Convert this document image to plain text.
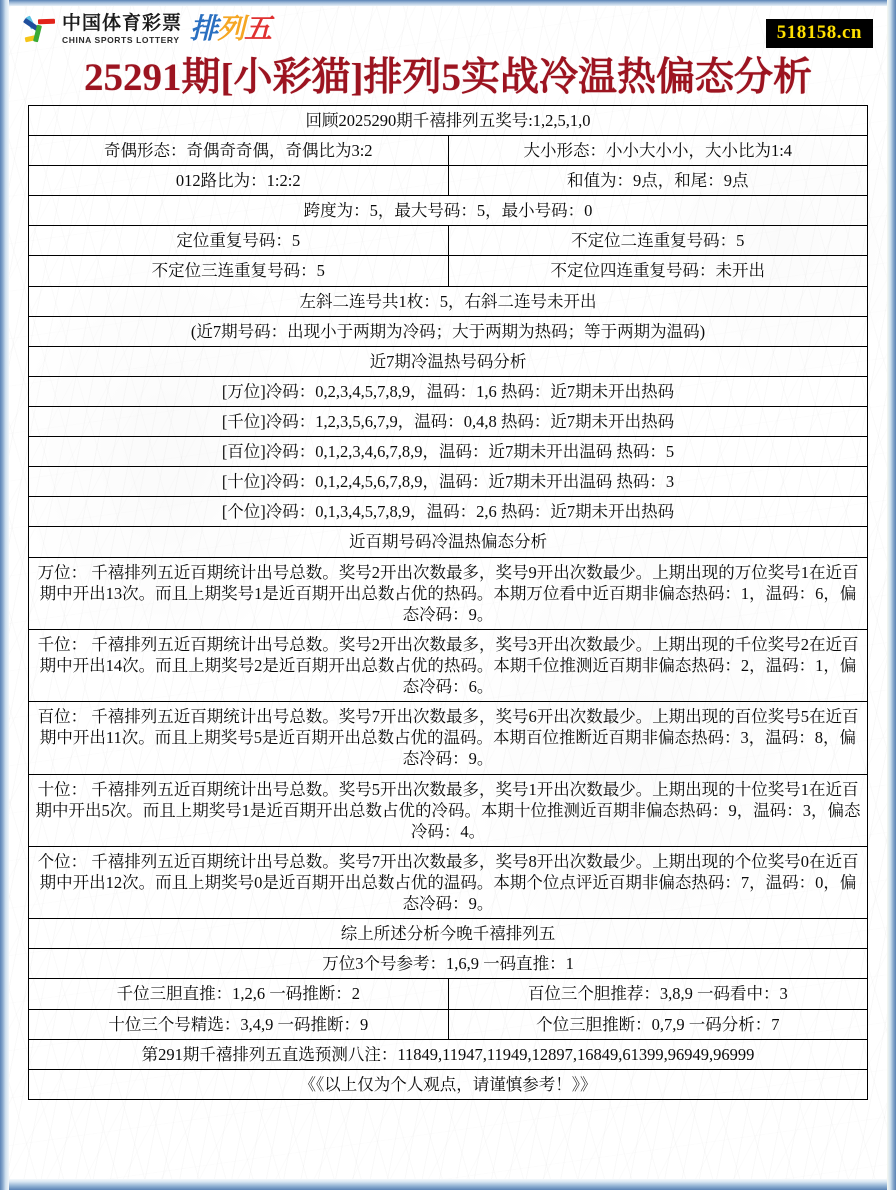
中国体育彩票
CHINA SPORTS LOTTERY 排 列 五	518158.cn
25291期[小彩猫]排列5实战冷温热偏态分析
回顾2025290期千禧排列五奖号:1,2,5,1,0	
奇偶形态：奇偶奇奇偶，奇偶比为3:2	大小形态：小小大小小，大小比为1:4
012路比为：1:2:2	和值为：9点，和尾：9点
跨度为：5，最大号码：5，最小号码：0	
定位重复号码：5	不定位二连重复号码：5
不定位三连重复号码：5	不定位四连重复号码：未开出
左斜二连号共1枚：5，右斜二连号未开出	
(近7期号码：出现小于两期为冷码；大于两期为热码；等于两期为温码)	
近7期冷温热号码分析	
[万位]冷码：0,2,3,4,5,7,8,9，温码：1,6 热码：近7期未开出热码	
[千位]冷码：1,2,3,5,6,7,9，温码：0,4,8 热码：近7期未开出热码	
[百位]冷码：0,1,2,3,4,6,7,8,9，温码：近7期未开出温码 热码：5	
[十位]冷码：0,1,2,4,5,6,7,8,9，温码：近7期未开出温码 热码：3	
[个位]冷码：0,1,3,4,5,7,8,9，温码：2,6 热码：近7期未开出热码	
近百期号码冷温热偏态分析	
万位： 千禧排列五近百期统计出号总数。奖号2开出次数最多，奖号9开出次数最少。上期出现的万位奖号1在近百期中开出13次。而且上期奖号1是近百期开出总数占优的热码。本期万位看中近百期非偏态热码：1，温码：6，偏态冷码：9。	
千位： 千禧排列五近百期统计出号总数。奖号2开出次数最多，奖号3开出次数最少。上期出现的千位奖号2在近百期中开出14次。而且上期奖号2是近百期开出总数占优的热码。本期千位推测近百期非偏态热码：2，温码：1，偏态冷码：6。	
百位： 千禧排列五近百期统计出号总数。奖号7开出次数最多，奖号6开出次数最少。上期出现的百位奖号5在近百期中开出11次。而且上期奖号5是近百期开出总数占优的温码。本期百位推断近百期非偏态热码：3，温码：8，偏态冷码：9。	
十位： 千禧排列五近百期统计出号总数。奖号5开出次数最多，奖号1开出次数最少。上期出现的十位奖号1在近百期中开出5次。而且上期奖号1是近百期开出总数占优的冷码。本期十位推测近百期非偏态热码：9，温码：3，偏态冷码：4。	
个位： 千禧排列五近百期统计出号总数。奖号7开出次数最多，奖号8开出次数最少。上期出现的个位奖号0在近百期中开出12次。而且上期奖号0是近百期开出总数占优的温码。本期个位点评近百期非偏态热码：7，温码：0，偏态冷码：9。	
综上所述分析今晚千禧排列五	
万位3个号参考：1,6,9 一码直推：1	
千位三胆直推：1,2,6 一码推断：2	百位三个胆推荐：3,8,9 一码看中：3
十位三个号精选：3,4,9 一码推断：9	个位三胆推断：0,7,9 一码分析：7
第291期千禧排列五直选预测八注：11849,11947,11949,12897,16849,61399,96949,96999	
《《以上仅为个人观点，请谨慎参考！》》	
